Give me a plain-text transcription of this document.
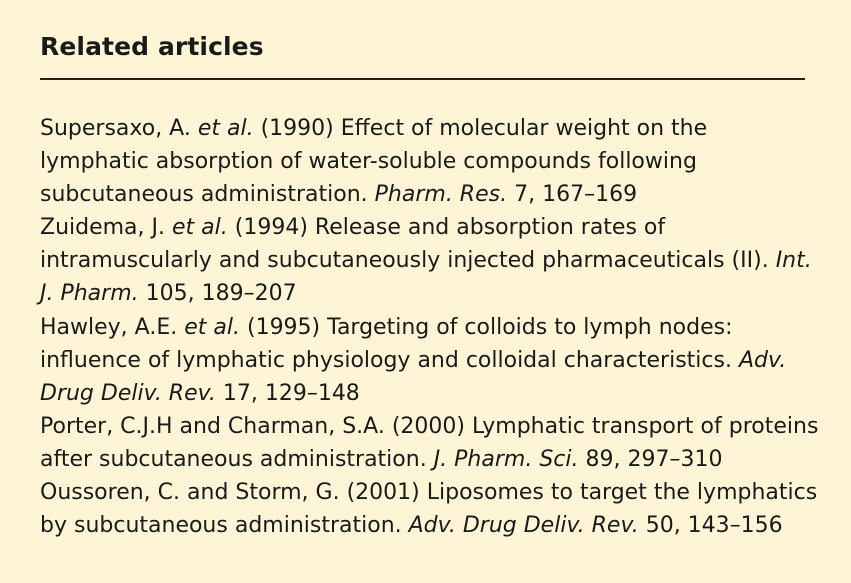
Related articles
Supersaxo, A. et al. (1990) Effect of molecular weight on the lymphatic absorption of water-soluble compounds following subcutaneous administration. Pharm. Res. 7, 167–169
Zuidema, J. et al. (1994) Release and absorption rates of intramuscularly and subcutaneously injected pharmaceuticals (II). Int. J. Pharm. 105, 189–207
Hawley, A.E. et al. (1995) Targeting of colloids to lymph nodes: influence of lymphatic physiology and colloidal characteristics. Adv. Drug Deliv. Rev. 17, 129–148
Porter, C.J.H and Charman, S.A. (2000) Lymphatic transport of proteins after subcutaneous administration. J. Pharm. Sci. 89, 297–310
Oussoren, C. and Storm, G. (2001) Liposomes to target the lymphatics by subcutaneous administration. Adv. Drug Deliv. Rev. 50, 143–156
